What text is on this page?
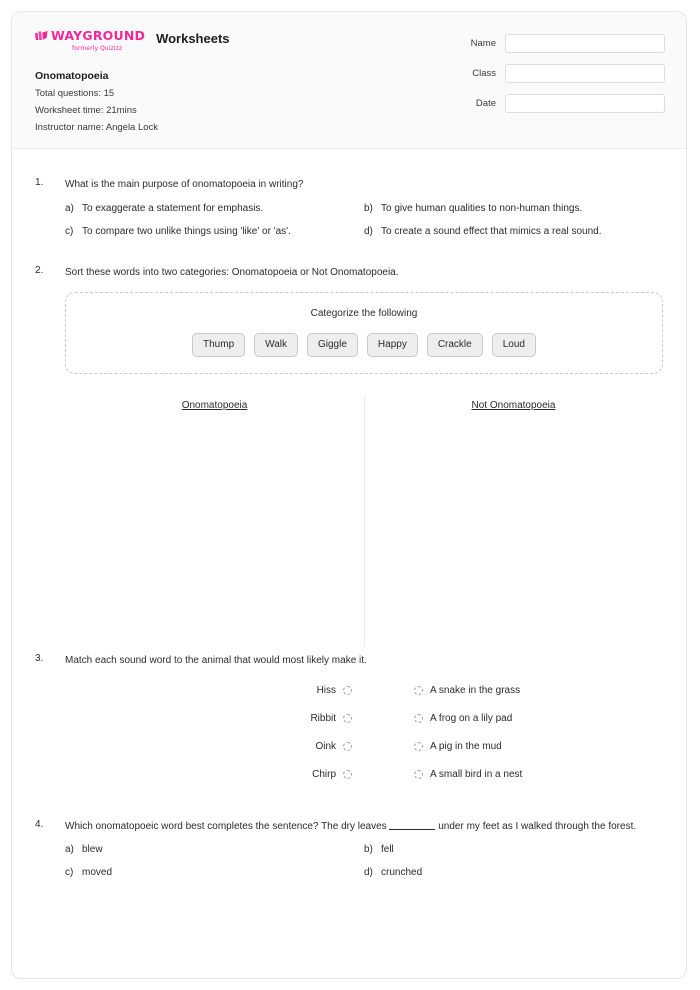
WAYGROUND
formerly Quizizz
Worksheets
Onomatopoeia
Total questions: 15
Worksheet time: 21mins
Instructor name: Angela Lock
Name
Class
Date
1.	What is the main purpose of onomatopoeia in writing?
a) To exaggerate a statement for emphasis.	b) To give human qualities to non-human things.
c) To compare two unlike things using 'like' or 'as'.	d) To create a sound effect that mimics a real sound.
2.	Sort these words into two categories: Onomatopoeia or Not Onomatopoeia.
Categorize the following
Thump	Walk	Giggle	Happy	Crackle	Loud
Onomatopoeia	Not Onomatopoeia
3.	Match each sound word to the animal that would most likely make it.
Hiss	A snake in the grass
Ribbit	A frog on a lily pad
Oink	A pig in the mud
Chirp	A small bird in a nest
4.	Which onomatopoeic word best completes the sentence? The dry leaves	under my feet as I walked through the forest.
a) blew	b) fell
c) moved	d) crunched
